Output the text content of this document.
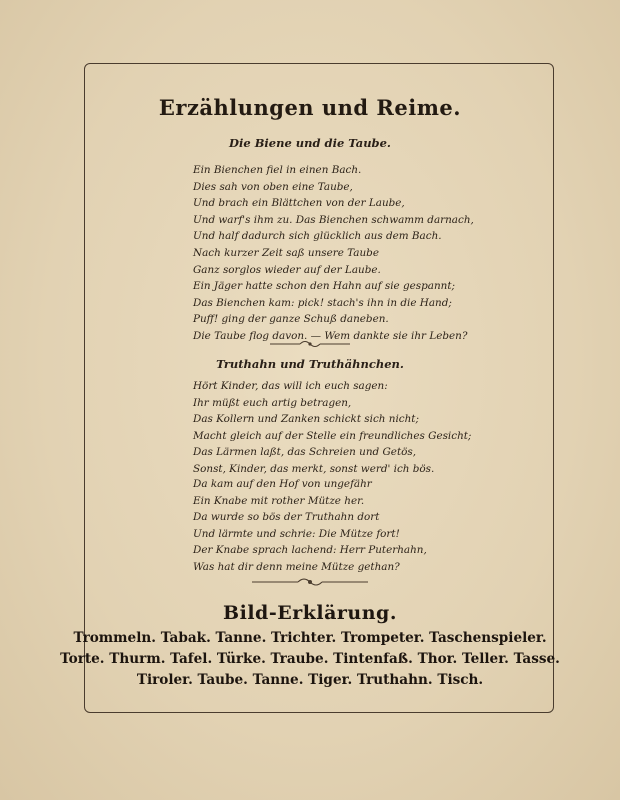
Erzählungen und Reime.
Die Biene und die Taube.
Ein Bienchen fiel in einen Bach.
Dies sah von oben eine Taube,
Und brach ein Blättchen von der Laube,
Und warf's ihm zu. Das Bienchen schwamm darnach,
Und half dadurch sich glücklich aus dem Bach.
Nach kurzer Zeit saß unsere Taube
Ganz sorglos wieder auf der Laube.
Ein Jäger hatte schon den Hahn auf sie gespannt;
Das Bienchen kam: pick! stach's ihn in die Hand;
Puff! ging der ganze Schuß daneben.
Die Taube flog davon. — Wem dankte sie ihr Leben?
Truthahn und Truthähnchen.
Hört Kinder, das will ich euch sagen:
Ihr müßt euch artig betragen,
Das Kollern und Zanken schickt sich nicht;
Macht gleich auf der Stelle ein freundliches Gesicht;
Das Lärmen laßt, das Schreien und Getös,
Sonst, Kinder, das merkt, sonst werd' ich bös.
Da kam auf den Hof von ungefähr
Ein Knabe mit rother Mütze her.
Da wurde so bös der Truthahn dort
Und lärmte und schrie: Die Mütze fort!
Der Knabe sprach lachend: Herr Puterhahn,
Was hat dir denn meine Mütze gethan?
Bild-Erklärung.
Trommeln. Tabak. Tanne. Trichter. Trompeter. Taschenspieler.
Torte. Thurm. Tafel. Türke. Traube. Tintenfaß. Thor. Teller. Tasse.
Tiroler. Taube. Tanne. Tiger. Truthahn. Tisch.
